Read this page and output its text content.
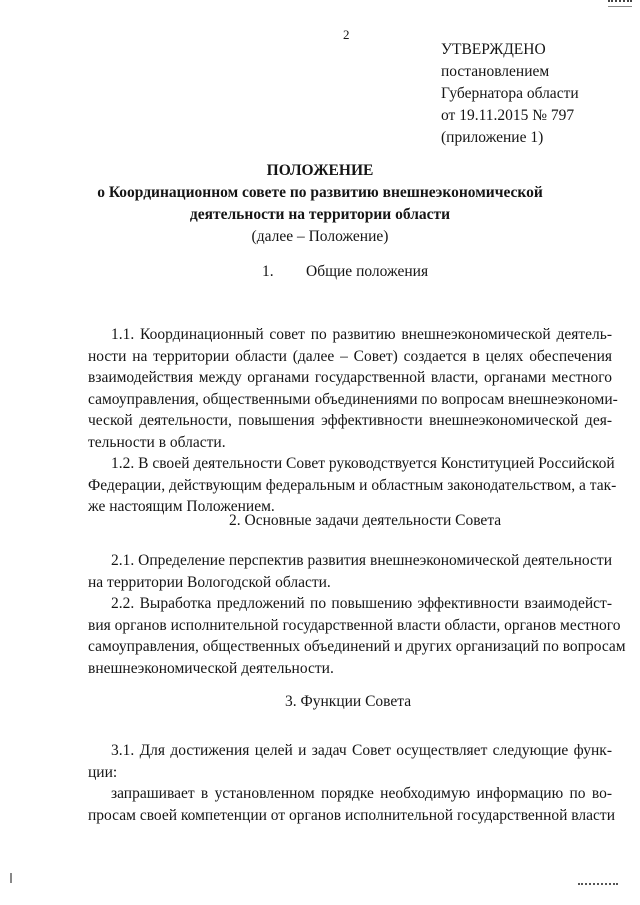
2
УТВЕРЖДЕНО
постановлением
Губернатора области
от 19.11.2015 № 797
(приложение 1)
ПОЛОЖЕНИЕ
о Координационном совете по развитию внешнеэкономической
деятельности на территории области
(далее – Положение)
1. Общие положения
1.1. Координационный совет по развитию внешнеэкономической деятель-
ности на территории области (далее – Совет) создается в целях обеспечения
взаимодействия между органами государственной власти, органами местного
самоуправления, общественными объединениями по вопросам внешнеэкономи-
ческой деятельности, повышения эффективности внешнеэкономической дея-
тельности в области.
1.2. В своей деятельности Совет руководствуется Конституцией Российской
Федерации, действующим федеральным и областным законодательством, а так-
же настоящим Положением.
2. Основные задачи деятельности Совета
2.1. Определение перспектив развития внешнеэкономической деятельности
на территории Вологодской области.
2.2. Выработка предложений по повышению эффективности взаимодейст-
вия органов исполнительной государственной власти области, органов местного
самоуправления, общественных объединений и других организаций по вопросам
внешнеэкономической деятельности.
3. Функции Совета
3.1. Для достижения целей и задач Совет осуществляет следующие функ-
ции:
запрашивает в установленном порядке необходимую информацию по во-
просам своей компетенции от органов исполнительной государственной власти
